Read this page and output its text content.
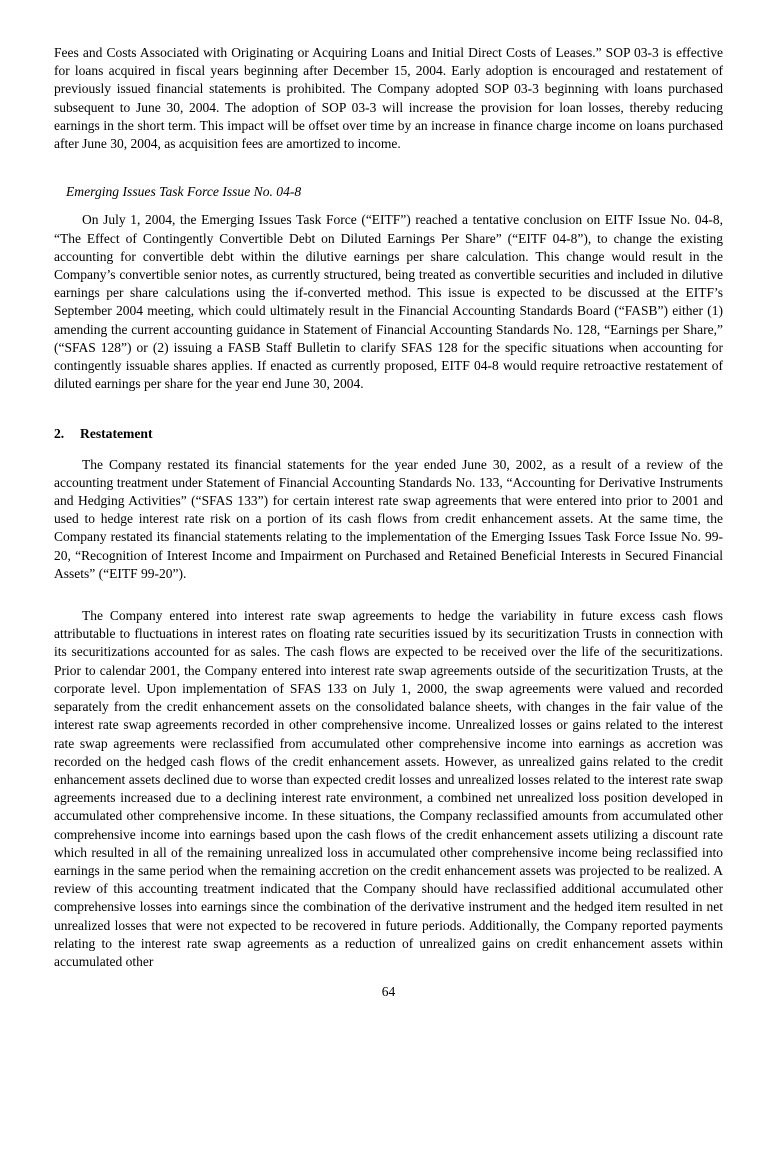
Fees and Costs Associated with Originating or Acquiring Loans and Initial Direct Costs of Leases.” SOP 03-3 is effective for loans acquired in fiscal years beginning after December 15, 2004. Early adoption is encouraged and restatement of previously issued financial statements is prohibited. The Company adopted SOP 03-3 beginning with loans purchased subsequent to June 30, 2004. The adoption of SOP 03-3 will increase the provision for loan losses, thereby reducing earnings in the short term. This impact will be offset over time by an increase in finance charge income on loans purchased after June 30, 2004, as acquisition fees are amortized to income.

Emerging Issues Task Force Issue No. 04-8

On July 1, 2004, the Emerging Issues Task Force (“EITF”) reached a tentative conclusion on EITF Issue No. 04-8, “The Effect of Contingently Convertible Debt on Diluted Earnings Per Share” (“EITF 04-8”), to change the existing accounting for convertible debt within the dilutive earnings per share calculation. This change would result in the Company’s convertible senior notes, as currently structured, being treated as convertible securities and included in dilutive earnings per share calculations using the if-converted method. This issue is expected to be discussed at the EITF’s September 2004 meeting, which could ultimately result in the Financial Accounting Standards Board (“FASB”) either (1) amending the current accounting guidance in Statement of Financial Accounting Standards No. 128, “Earnings per Share,” (“SFAS 128”) or (2) issuing a FASB Staff Bulletin to clarify SFAS 128 for the specific situations when accounting for contingently issuable shares applies. If enacted as currently proposed, EITF 04-8 would require retroactive restatement of diluted earnings per share for the year end June 30, 2004.

2. Restatement

The Company restated its financial statements for the year ended June 30, 2002, as a result of a review of the accounting treatment under Statement of Financial Accounting Standards No. 133, “Accounting for Derivative Instruments and Hedging Activities” (“SFAS 133”) for certain interest rate swap agreements that were entered into prior to 2001 and used to hedge interest rate risk on a portion of its cash flows from credit enhancement assets. At the same time, the Company restated its financial statements relating to the implementation of the Emerging Issues Task Force Issue No. 99-20, “Recognition of Interest Income and Impairment on Purchased and Retained Beneficial Interests in Secured Financial Assets” (“EITF 99-20”).

The Company entered into interest rate swap agreements to hedge the variability in future excess cash flows attributable to fluctuations in interest rates on floating rate securities issued by its securitization Trusts in connection with its securitizations accounted for as sales. The cash flows are expected to be received over the life of the securitizations. Prior to calendar 2001, the Company entered into interest rate swap agreements outside of the securitization Trusts, at the corporate level. Upon implementation of SFAS 133 on July 1, 2000, the swap agreements were valued and recorded separately from the credit enhancement assets on the consolidated balance sheets, with changes in the fair value of the interest rate swap agreements recorded in other comprehensive income. Unrealized losses or gains related to the interest rate swap agreements were reclassified from accumulated other comprehensive income into earnings as accretion was recorded on the hedged cash flows of the credit enhancement assets. However, as unrealized gains related to the credit enhancement assets declined due to worse than expected credit losses and unrealized losses related to the interest rate swap agreements increased due to a declining interest rate environment, a combined net unrealized loss position developed in accumulated other comprehensive income. In these situations, the Company reclassified amounts from accumulated other comprehensive income into earnings based upon the cash flows of the credit enhancement assets utilizing a discount rate which resulted in all of the remaining unrealized loss in accumulated other comprehensive income being reclassified into earnings in the same period when the remaining accretion on the credit enhancement assets was projected to be realized. A review of this accounting treatment indicated that the Company should have reclassified additional accumulated other comprehensive losses into earnings since the combination of the derivative instrument and the hedged item resulted in net unrealized losses that were not expected to be recovered in future periods. Additionally, the Company reported payments relating to the interest rate swap agreements as a reduction of unrealized gains on credit enhancement assets within accumulated other

64
